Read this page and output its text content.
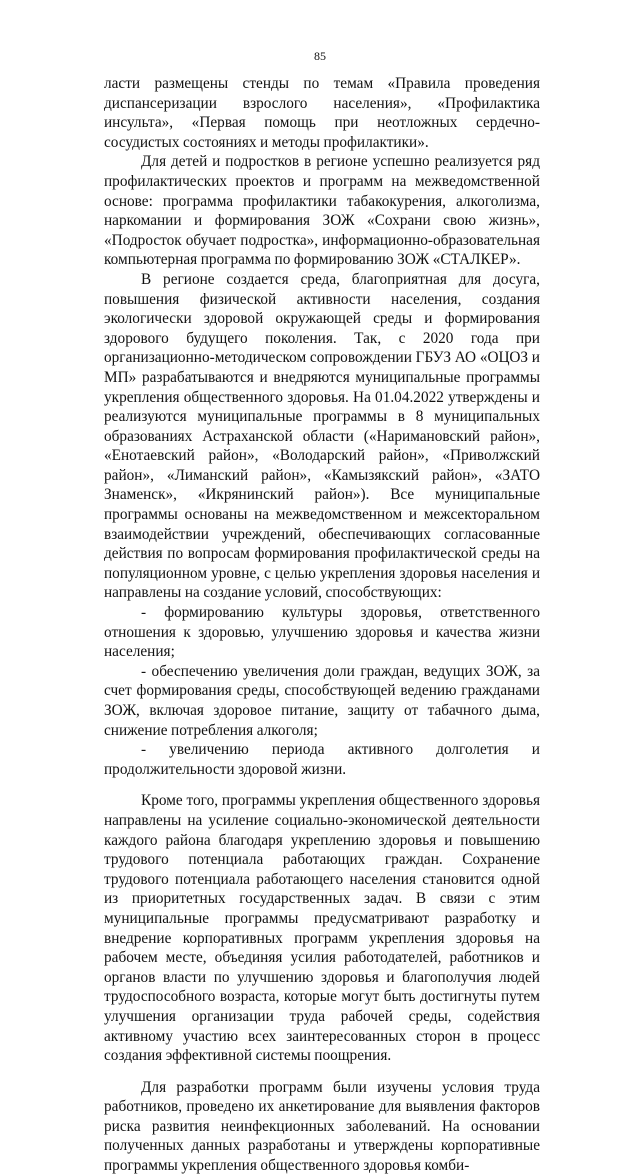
85

ласти размещены стенды по темам «Правила проведения диспансеризации взрослого населения», «Профилактика инсульта», «Первая помощь при неотложных сердечно-сосудистых состояниях и методы профилактики».

Для детей и подростков в регионе успешно реализуется ряд профилактических проектов и программ на межведомственной основе: программа профилактики табакокурения, алкоголизма, наркомании и формирования ЗОЖ «Сохрани свою жизнь», «Подросток обучает подростка», информационно-образовательная компьютерная программа по формированию ЗОЖ «СТАЛКЕР».

В регионе создается среда, благоприятная для досуга, повышения физической активности населения, создания экологически здоровой окружающей среды и формирования здорового будущего поколения. Так, с 2020 года при организационно-методическом сопровождении ГБУЗ АО «ОЦОЗ и МП» разрабатываются и внедряются муниципальные программы укрепления общественного здоровья. На 01.04.2022 утверждены и реализуются муниципальные программы в 8 муниципальных образованиях Астраханской области («Наримановский район», «Енотаевский район», «Володарский район», «Приволжский район», «Лиманский район», «Камызякский район», «ЗАТО Знаменск», «Икрянинский район»). Все муниципальные программы основаны на межведомственном и межсекторальном взаимодействии учреждений, обеспечивающих согласованные действия по вопросам формирования профилактической среды на популяционном уровне, с целью укрепления здоровья населения и направлены на создание условий, способствующих:

- формированию культуры здоровья, ответственного отношения к здоровью, улучшению здоровья и качества жизни населения;

- обеспечению увеличения доли граждан, ведущих ЗОЖ, за счет формирования среды, способствующей ведению гражданами ЗОЖ, включая здоровое питание, защиту от табачного дыма, снижение потребления алкоголя;

- увеличению периода активного долголетия и продолжительности здоровой жизни.

Кроме того, программы укрепления общественного здоровья направлены на усиление социально-экономической деятельности каждого района благодаря укреплению здоровья и повышению трудового потенциала работающих граждан. Сохранение трудового потенциала работающего населения становится одной из приоритетных государственных задач. В связи с этим муниципальные программы предусматривают разработку и внедрение корпоративных программ укрепления здоровья на рабочем месте, объединяя усилия работодателей, работников и органов власти по улучшению здоровья и благополучия людей трудоспособного возраста, которые могут быть достигнуты путем улучшения организации труда рабочей среды, содействия активному участию всех заинтересованных сторон в процесс создания эффективной системы поощрения.

Для разработки программ были изучены условия труда работников, проведено их анкетирование для выявления факторов риска развития неинфекционных заболеваний. На основании полученных данных разработаны и утверждены корпоративные программы укрепления общественного здоровья комби-
